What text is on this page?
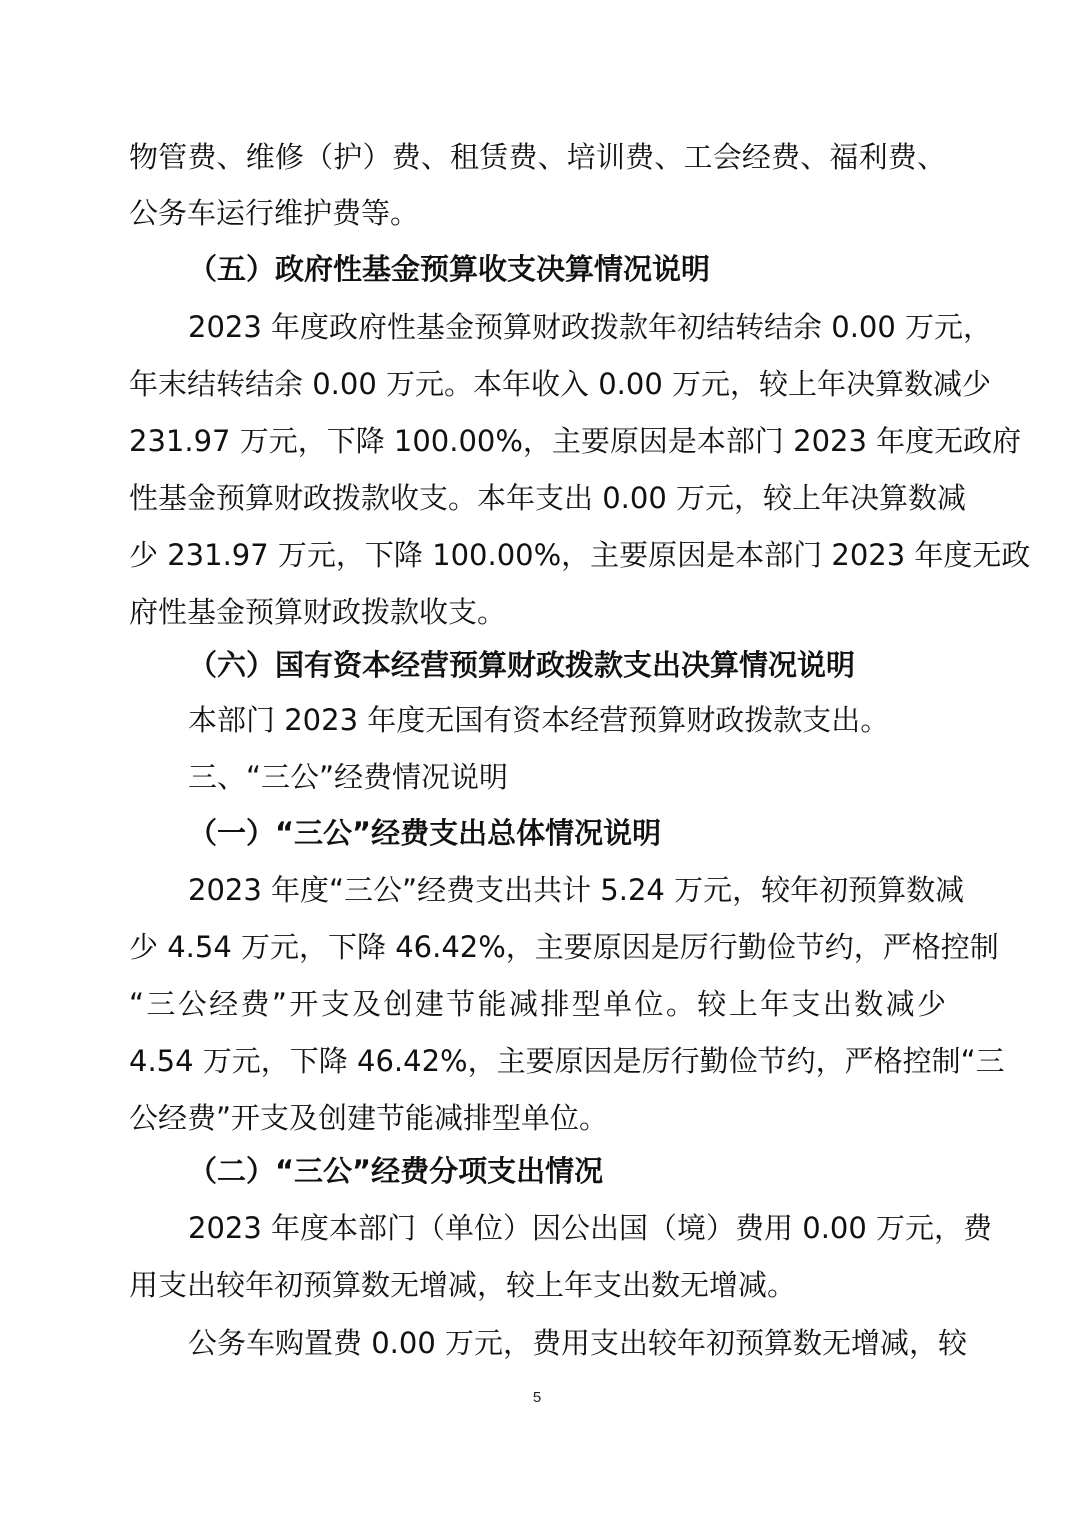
物管费、维修（护）费、租赁费、培训费、工会经费、福利费、

公务车运行维护费等。

（五）政府性基金预算收支决算情况说明

2023 年度政府性基金预算财政拨款年初结转结余 0.00 万元，

年末结转结余 0.00 万元。本年收入 0.00 万元，较上年决算数减少

231.97 万元，下降 100.00%，主要原因是本部门 2023 年度无政府

性基金预算财政拨款收支。本年支出 0.00 万元，较上年决算数减

少 231.97 万元，下降 100.00%，主要原因是本部门 2023 年度无政

府性基金预算财政拨款收支。

（六）国有资本经营预算财政拨款支出决算情况说明

本部门 2023 年度无国有资本经营预算财政拨款支出。

三、“三公”经费情况说明

（一）“三公”经费支出总体情况说明

2023 年度“三公”经费支出共计 5.24 万元，较年初预算数减

少 4.54 万元，下降 46.42%，主要原因是厉行勤俭节约，严格控制

“三公经费”开支及创建节能减排型单位。较上年支出数减少

4.54 万元，下降 46.42%，主要原因是厉行勤俭节约，严格控制“三

公经费”开支及创建节能减排型单位。

（二）“三公”经费分项支出情况

2023 年度本部门（单位）因公出国（境）费用 0.00 万元，费

用支出较年初预算数无增减，较上年支出数无增减。

公务车购置费 0.00 万元，费用支出较年初预算数无增减，较

5
